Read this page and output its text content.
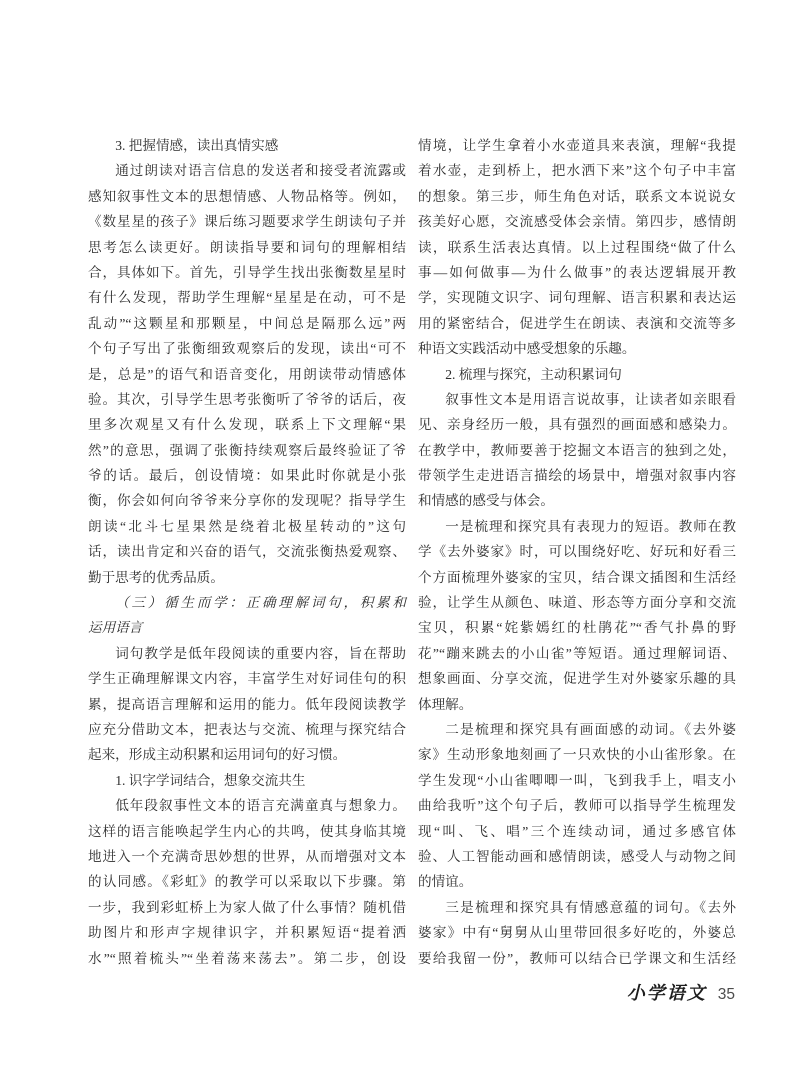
3. 把握情感，读出真情实感
通过朗读对语言信息的发送者和接受者流露或
感知叙事性文本的思想情感、人物品格等。例如，
《数星星的孩子》课后练习题要求学生朗读句子并
思考怎么读更好。朗读指导要和词句的理解相结
合，具体如下。首先，引导学生找出张衡数星星时
有什么发现，帮助学生理解“星星是在动，可不是
乱动”“这颗星和那颗星，中间总是隔那么远”两
个句子写出了张衡细致观察后的发现，读出“可不
是，总是”的语气和语音变化，用朗读带动情感体
验。其次，引导学生思考张衡听了爷爷的话后，夜
里多次观星又有什么发现，联系上下文理解“果
然”的意思，强调了张衡持续观察后最终验证了爷
爷的话。最后，创设情境：如果此时你就是小张
衡，你会如何向爷爷来分享你的发现呢？指导学生
朗读“北斗七星果然是绕着北极星转动的”这句
话，读出肯定和兴奋的语气，交流张衡热爱观察、
勤于思考的优秀品质。
（三）循生而学：正确理解词句，积累和
运用语言
词句教学是低年段阅读的重要内容，旨在帮助
学生正确理解课文内容，丰富学生对好词佳句的积
累，提高语言理解和运用的能力。低年段阅读教学
应充分借助文本，把表达与交流、梳理与探究结合
起来，形成主动积累和运用词句的好习惯。
1. 识字学词结合，想象交流共生
低年段叙事性文本的语言充满童真与想象力。
这样的语言能唤起学生内心的共鸣，使其身临其境
地进入一个充满奇思妙想的世界，从而增强对文本
的认同感。《彩虹》的教学可以采取以下步骤。第
一步，我到彩虹桥上为家人做了什么事情？随机借
助图片和形声字规律识字，并积累短语“提着洒
水”“照着梳头”“坐着荡来荡去”。第二步，创设
情境，让学生拿着小水壶道具来表演，理解“我提
着水壶，走到桥上，把水洒下来”这个句子中丰富
的想象。第三步，师生角色对话，联系文本说说女
孩美好心愿，交流感受体会亲情。第四步，感情朗
读，联系生活表达真情。以上过程围绕“做了什么
事—如何做事—为什么做事”的表达逻辑展开教
学，实现随文识字、词句理解、语言积累和表达运
用的紧密结合，促进学生在朗读、表演和交流等多
种语文实践活动中感受想象的乐趣。
2. 梳理与探究，主动积累词句
叙事性文本是用语言说故事，让读者如亲眼看
见、亲身经历一般，具有强烈的画面感和感染力。
在教学中，教师要善于挖掘文本语言的独到之处，
带领学生走进语言描绘的场景中，增强对叙事内容
和情感的感受与体会。
一是梳理和探究具有表现力的短语。教师在教
学《去外婆家》时，可以围绕好吃、好玩和好看三
个方面梳理外婆家的宝贝，结合课文插图和生活经
验，让学生从颜色、味道、形态等方面分享和交流
宝贝，积累“姹紫嫣红的杜鹃花”“香气扑鼻的野
花”“蹦来跳去的小山雀”等短语。通过理解词语、
想象画面、分享交流，促进学生对外婆家乐趣的具
体理解。
二是梳理和探究具有画面感的动词。《去外婆
家》生动形象地刻画了一只欢快的小山雀形象。在
学生发现“小山雀唧唧一叫，飞到我手上，唱支小
曲给我听”这个句子后，教师可以指导学生梳理发
现“叫、飞、唱”三个连续动词，通过多感官体
验、人工智能动画和感情朗读，感受人与动物之间
的情谊。
三是梳理和探究具有情感意蕴的词句。《去外
婆家》中有“舅舅从山里带回很多好吃的，外婆总
要给我留一份”，教师可以结合已学课文和生活经
小学语文 35
